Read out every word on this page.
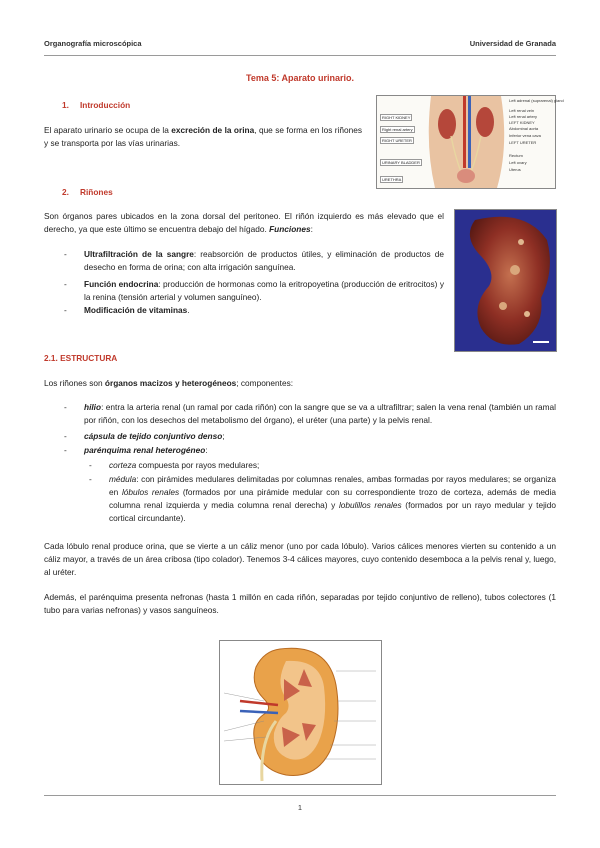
Organografía microscópica	Universidad de Granada
Tema 5: Aparato urinario.
1. Introducción
El aparato urinario se ocupa de la excreción de la orina, que se forma en los riñones y se transporta por las vías urinarias.
RIGHT KIDNEY
Right renal artery
RIGHT URETER
URINARY BLADDER
URETHRA
Left adrenal (suprarenal) gland
Left renal vein
Left renal artery
LEFT KIDNEY
Abdominal aorta
Inferior vena cava
LEFT URETER
Rectum
Left ovary
Uterus
2. Riñones
Son órganos pares ubicados en la zona dorsal del peritoneo. El riñón izquierdo es más elevado que el derecho, ya que este último se encuentra debajo del hígado. Funciones:
- Ultrafiltración de la sangre: reabsorción de productos útiles, y eliminación de productos de desecho en forma de orina; con alta irrigación sanguínea.
- Función endocrina: producción de hormonas como la eritropoyetina (producción de eritrocitos) y la renina (tensión arterial y volumen sanguíneo).
- Modificación de vitaminas.
2.1. ESTRUCTURA
Los riñones son órganos macizos y heterogéneos; componentes:
- hilio: entra la arteria renal (un ramal por cada riñón) con la sangre que se va a ultrafiltrar; salen la vena renal (también un ramal por riñón, con los desechos del metabolismo del órgano), el uréter (una parte) y la pelvis renal.
- cápsula de tejido conjuntivo denso;
- parénquima renal heterogéneo:
- corteza compuesta por rayos medulares;
- médula: con pirámides medulares delimitadas por columnas renales, ambas formadas por rayos medulares; se organiza en lóbulos renales (formados por una pirámide medular con su correspondiente trozo de corteza, además de media columna renal izquierda y media columna renal derecha) y lobulillos renales (formados por un rayo medular y tejido cortical circundante).
Cada lóbulo renal produce orina, que se vierte a un cáliz menor (uno por cada lóbulo). Varios cálices menores vierten su contenido a un cáliz mayor, a través de un área cribosa (tipo colador). Tenemos 3-4 cálices mayores, cuyo contenido desemboca a la pelvis renal y, luego, al uréter.
Además, el parénquima presenta nefronas (hasta 1 millón en cada riñón, separadas por tejido conjuntivo de relleno), tubos colectores (1 tubo para varias nefronas) y vasos sanguíneos.
1
